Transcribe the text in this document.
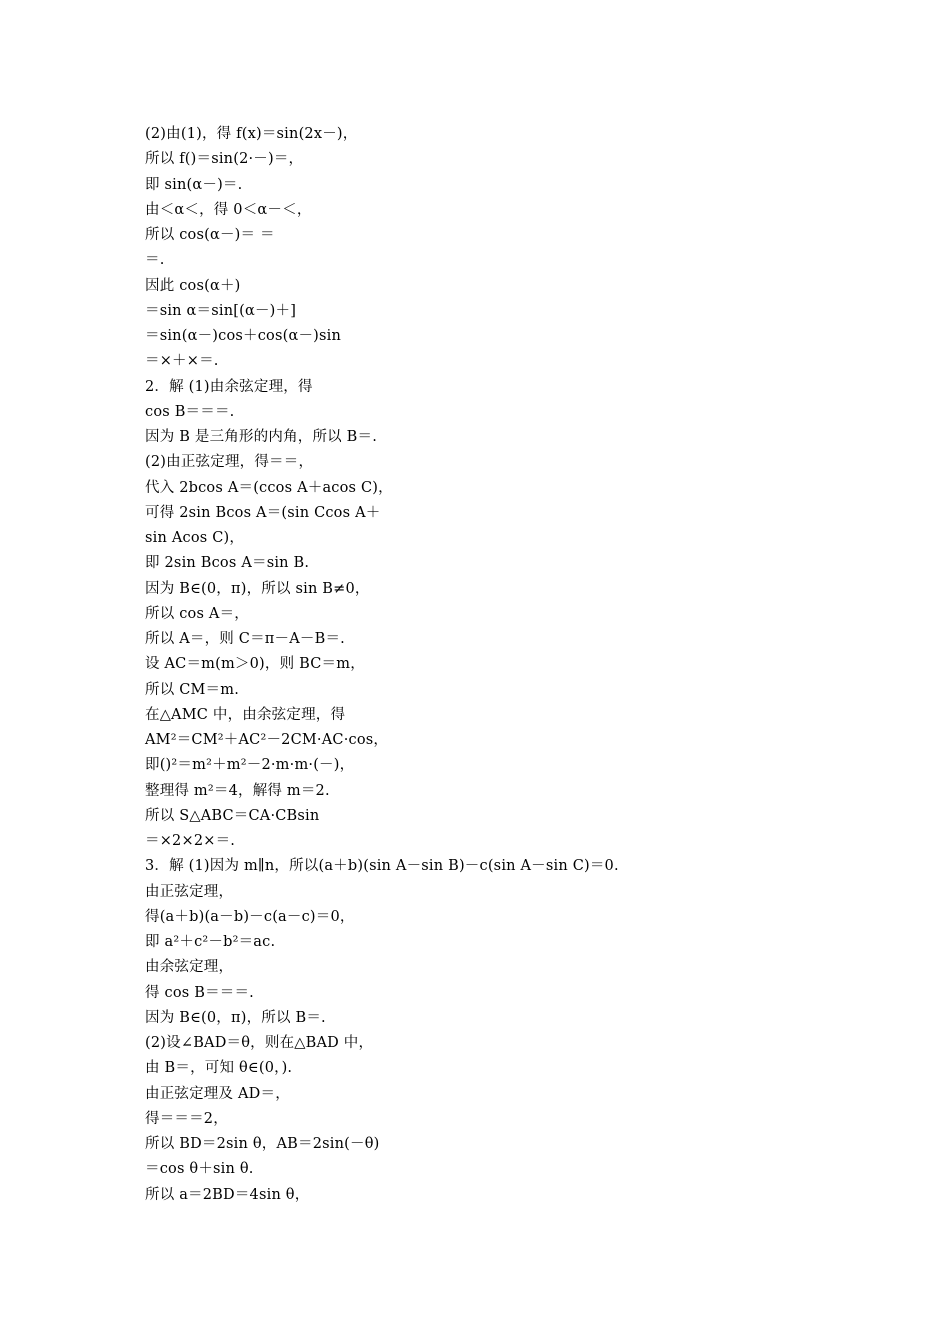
(2)由(1)，得 f(x)＝sin(2x－)，
所以 f()＝sin(2·－)＝，
即 sin(α－)＝.
由＜α＜，得 0＜α－＜，
所以 cos(α－)＝ ＝
＝.
因此 cos(α＋)
＝sin α＝sin[(α－)＋]
＝sin(α－)cos＋cos(α－)sin
＝×＋×＝.
2．解 (1)由余弦定理，得
cos B＝＝＝.
因为 B 是三角形的内角，所以 B＝.
(2)由正弦定理，得＝＝，
代入 2bcos A＝(ccos A＋acos C)，
可得 2sin Bcos A＝(sin Ccos A＋
sin Acos C)，
即 2sin Bcos A＝sin B.
因为 B∈(0，π)，所以 sin B≠0，
所以 cos A＝，
所以 A＝，则 C＝π－A－B＝.
设 AC＝m(m＞0)，则 BC＝m，
所以 CM＝m.
在△AMC 中，由余弦定理，得
AM²＝CM²＋AC²－2CM·AC·cos，
即()²＝m²＋m²－2·m·m·(－)，
整理得 m²＝4，解得 m＝2.
所以 S△ABC＝CA·CBsin
＝×2×2×＝.
3．解 (1)因为 m∥n，所以(a＋b)(sin A－sin B)－c(sin A－sin C)＝0.
由正弦定理，
得(a＋b)(a－b)－c(a－c)＝0，
即 a²＋c²－b²＝ac.
由余弦定理，
得 cos B＝＝＝.
因为 B∈(0，π)，所以 B＝.
(2)设∠BAD＝θ，则在△BAD 中，
由 B＝，可知 θ∈(0，).
由正弦定理及 AD＝，
得＝＝＝2，
所以 BD＝2sin θ，AB＝2sin(－θ)
＝cos θ＋sin θ.
所以 a＝2BD＝4sin θ，
